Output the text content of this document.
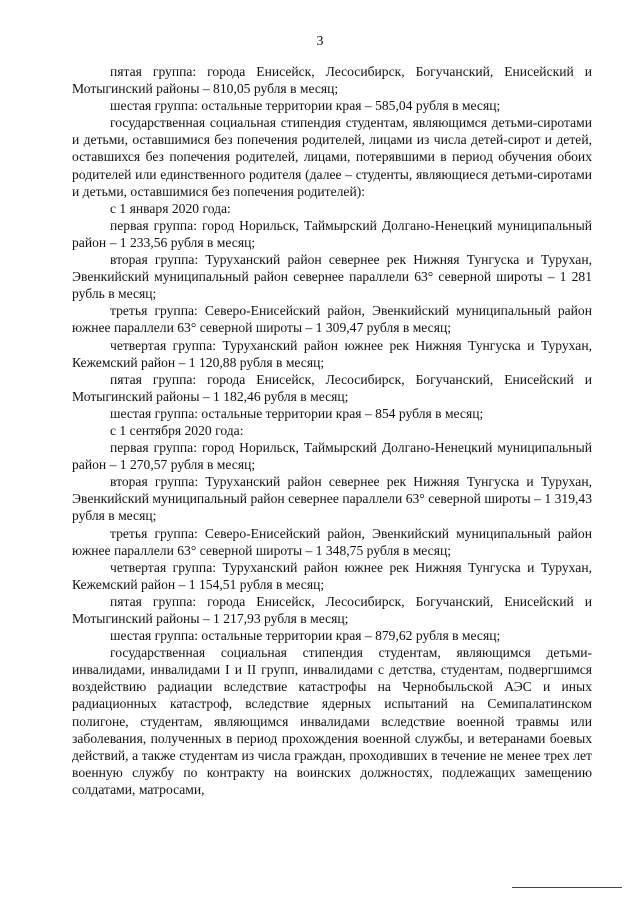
3

пятая группа: города Енисейск, Лесосибирск, Богучанский, Енисейский и Мотыгинский районы – 810,05 рубля в месяц;

шестая группа: остальные территории края – 585,04 рубля в месяц;

государственная социальная стипендия студентам, являющимся детьми-сиротами и детьми, оставшимися без попечения родителей, лицами из числа детей-сирот и детей, оставшихся без попечения родителей, лицами, потерявшими в период обучения обоих родителей или единственного родителя (далее – студенты, являющиеся детьми-сиротами и детьми, оставшимися без попечения родителей):

с 1 января 2020 года:

первая группа: город Норильск, Таймырский Долгано-Ненецкий муниципальный район – 1 233,56 рубля в месяц;

вторая группа: Туруханский район севернее рек Нижняя Тунгуска и Турухан, Эвенкийский муниципальный район севернее параллели 63° северной широты – 1 281 рубль в месяц;

третья группа: Северо-Енисейский район, Эвенкийский муниципальный район южнее параллели 63° северной широты – 1 309,47 рубля в месяц;

четвертая группа: Туруханский район южнее рек Нижняя Тунгуска и Турухан, Кежемский район – 1 120,88 рубля в месяц;

пятая группа: города Енисейск, Лесосибирск, Богучанский, Енисейский и Мотыгинский районы – 1 182,46 рубля в месяц;

шестая группа: остальные территории края – 854 рубля в месяц;

с 1 сентября 2020 года:

первая группа: город Норильск, Таймырский Долгано-Ненецкий муниципальный район – 1 270,57 рубля в месяц;

вторая группа: Туруханский район севернее рек Нижняя Тунгуска и Турухан, Эвенкийский муниципальный район севернее параллели 63° северной широты – 1 319,43 рубля в месяц;

третья группа: Северо-Енисейский район, Эвенкийский муниципальный район южнее параллели 63° северной широты – 1 348,75 рубля в месяц;

четвертая группа: Туруханский район южнее рек Нижняя Тунгуска и Турухан, Кежемский район – 1 154,51 рубля в месяц;

пятая группа: города Енисейск, Лесосибирск, Богучанский, Енисейский и Мотыгинский районы – 1 217,93 рубля в месяц;

шестая группа: остальные территории края – 879,62 рубля в месяц;

государственная социальная стипендия студентам, являющимся детьми-инвалидами, инвалидами I и II групп, инвалидами с детства, студентам, подвергшимся воздействию радиации вследствие катастрофы на Чернобыльской АЭС и иных радиационных катастроф, вследствие ядерных испытаний на Семипалатинском полигоне, студентам, являющимся инвалидами вследствие военной травмы или заболевания, полученных в период прохождения военной службы, и ветеранами боевых действий, а также студентам из числа граждан, проходивших в течение не менее трех лет военную службу по контракту на воинских должностях, подлежащих замещению солдатами, матросами,
